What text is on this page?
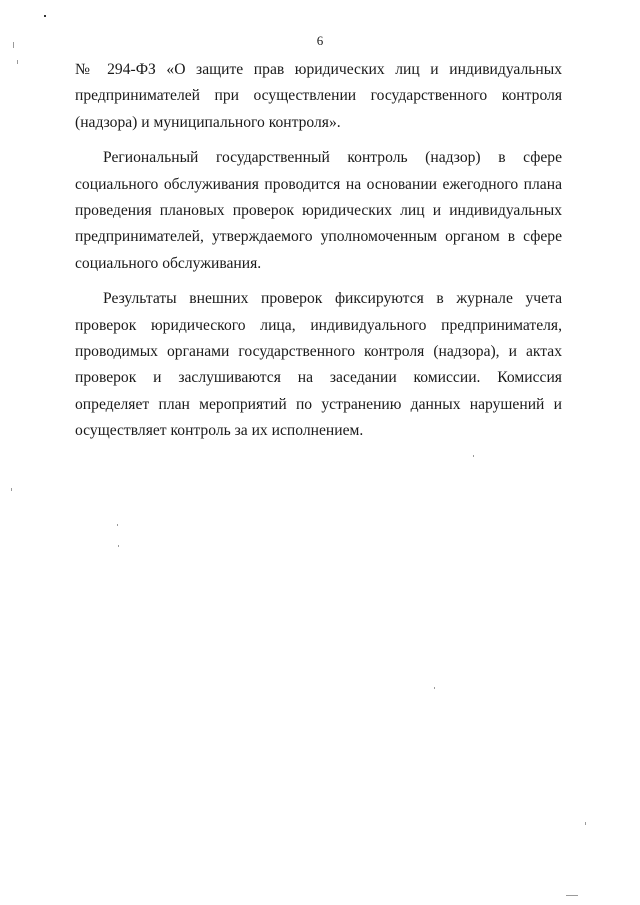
6

№ 294-ФЗ «О защите прав юридических лиц и индивидуальных предпринимателей при осуществлении государственного контроля (надзора) и муниципального контроля».

Региональный государственный контроль (надзор) в сфере социального обслуживания проводится на основании ежегодного плана проведения плановых проверок юридических лиц и индивидуальных предпринимателей, утверждаемого уполномоченным органом в сфере социального обслуживания.

Результаты внешних проверок фиксируются в журнале учета проверок юридического лица, индивидуального предпринимателя, проводимых органами государственного контроля (надзора), и актах проверок и заслушиваются на заседании комиссии. Комиссия определяет план мероприятий по устранению данных нарушений и осуществляет контроль за их исполнением.
